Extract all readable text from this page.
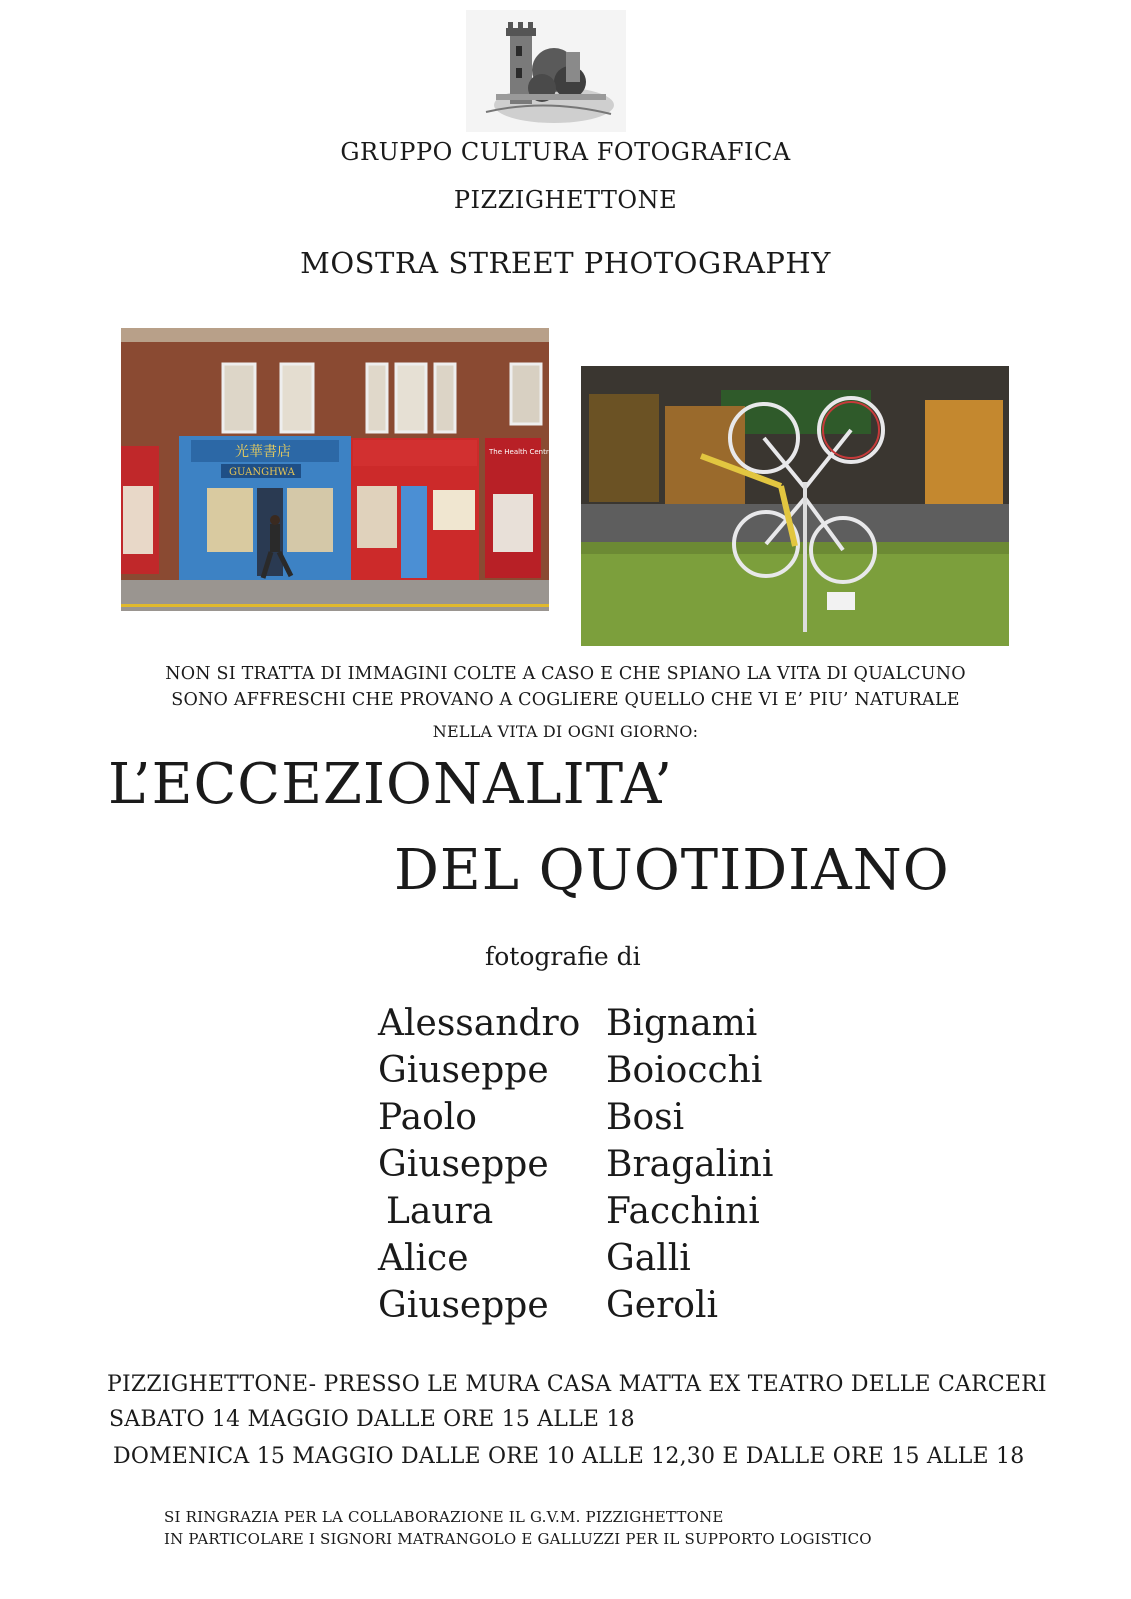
GRUPPO CULTURA FOTOGRAFICA
PIZZIGHETTONE
MOSTRA STREET PHOTOGRAPHY
光華書店
GUANGHWA
The Health Centre
NON SI TRATTA DI IMMAGINI COLTE A CASO E CHE SPIANO LA VITA DI QUALCUNO
SONO AFFRESCHI CHE PROVANO A COGLIERE QUELLO CHE VI E’ PIU’ NATURALE
NELLA VITA DI OGNI GIORNO:
L’ECCEZIONALITA’
DEL QUOTIDIANO
fotografie di
Alessandro Bignami
Giuseppe Boiocchi
Paolo	Bosi
Giuseppe Bragalini
Laura	Facchini
Alice	Galli
Giuseppe Geroli
PIZZIGHETTONE- PRESSO LE MURA CASA MATTA EX TEATRO DELLE CARCERI
SABATO 14 MAGGIO DALLE ORE 15 ALLE 18
DOMENICA 15 MAGGIO DALLE ORE 10 ALLE 12,30 E DALLE ORE 15 ALLE 18
SI RINGRAZIA PER LA COLLABORAZIONE IL G.V.M. PIZZIGHETTONE
IN PARTICOLARE I SIGNORI MATRANGOLO E GALLUZZI PER IL SUPPORTO LOGISTICO
